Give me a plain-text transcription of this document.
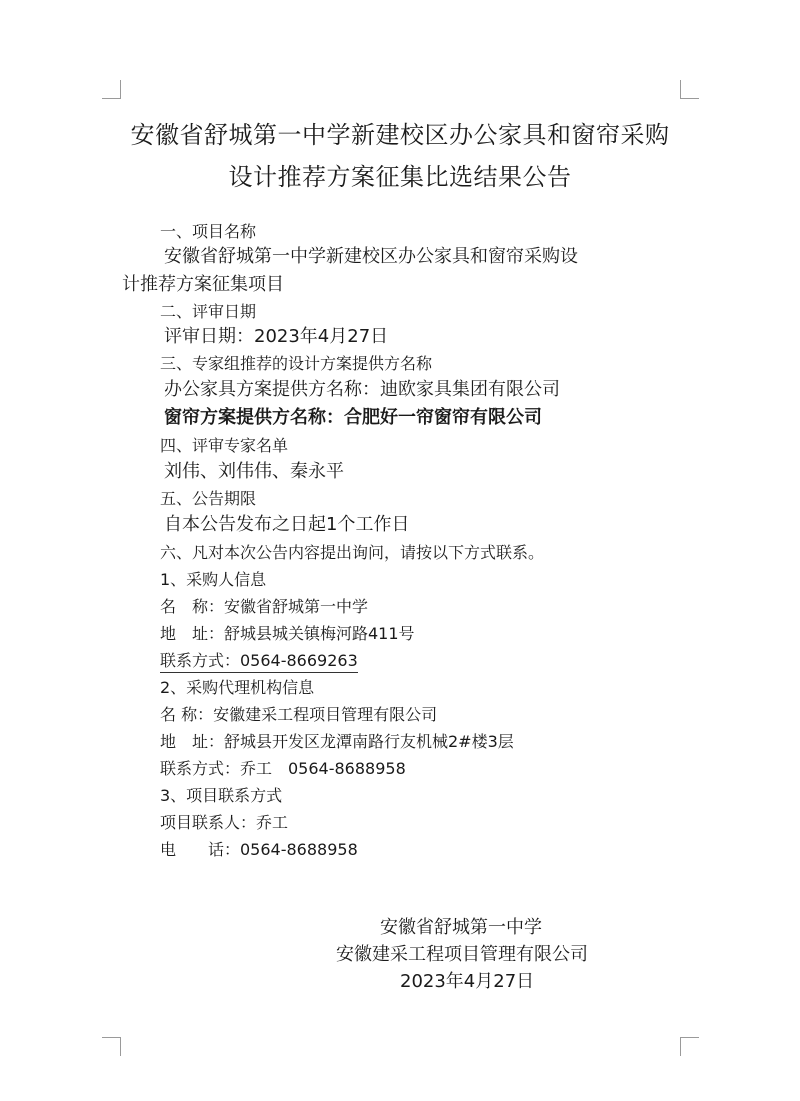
安徽省舒城第一中学新建校区办公家具和窗帘采购
设计推荐方案征集比选结果公告
一、项目名称
安徽省舒城第一中学新建校区办公家具和窗帘采购设
计推荐方案征集项目
二、评审日期
评审日期：2023年4月27日
三、专家组推荐的设计方案提供方名称
办公家具方案提供方名称：迪欧家具集团有限公司
窗帘方案提供方名称：合肥好一帘窗帘有限公司
四、评审专家名单
刘伟、刘伟伟、秦永平
五、公告期限
自本公告发布之日起1个工作日
六、凡对本次公告内容提出询问，请按以下方式联系。
1、采购人信息
名　称：安徽省舒城第一中学
地　址：舒城县城关镇梅河路411号
联系方式：0564-8669263
2、采购代理机构信息
名 称：安徽建采工程项目管理有限公司
地　址：舒城县开发区龙潭南路行友机械2#楼3层
联系方式：乔工　0564-8688958
3、项目联系方式
项目联系人：乔工
电　　话：0564-8688958
安徽省舒城第一中学
安徽建采工程项目管理有限公司
2023年4月27日
